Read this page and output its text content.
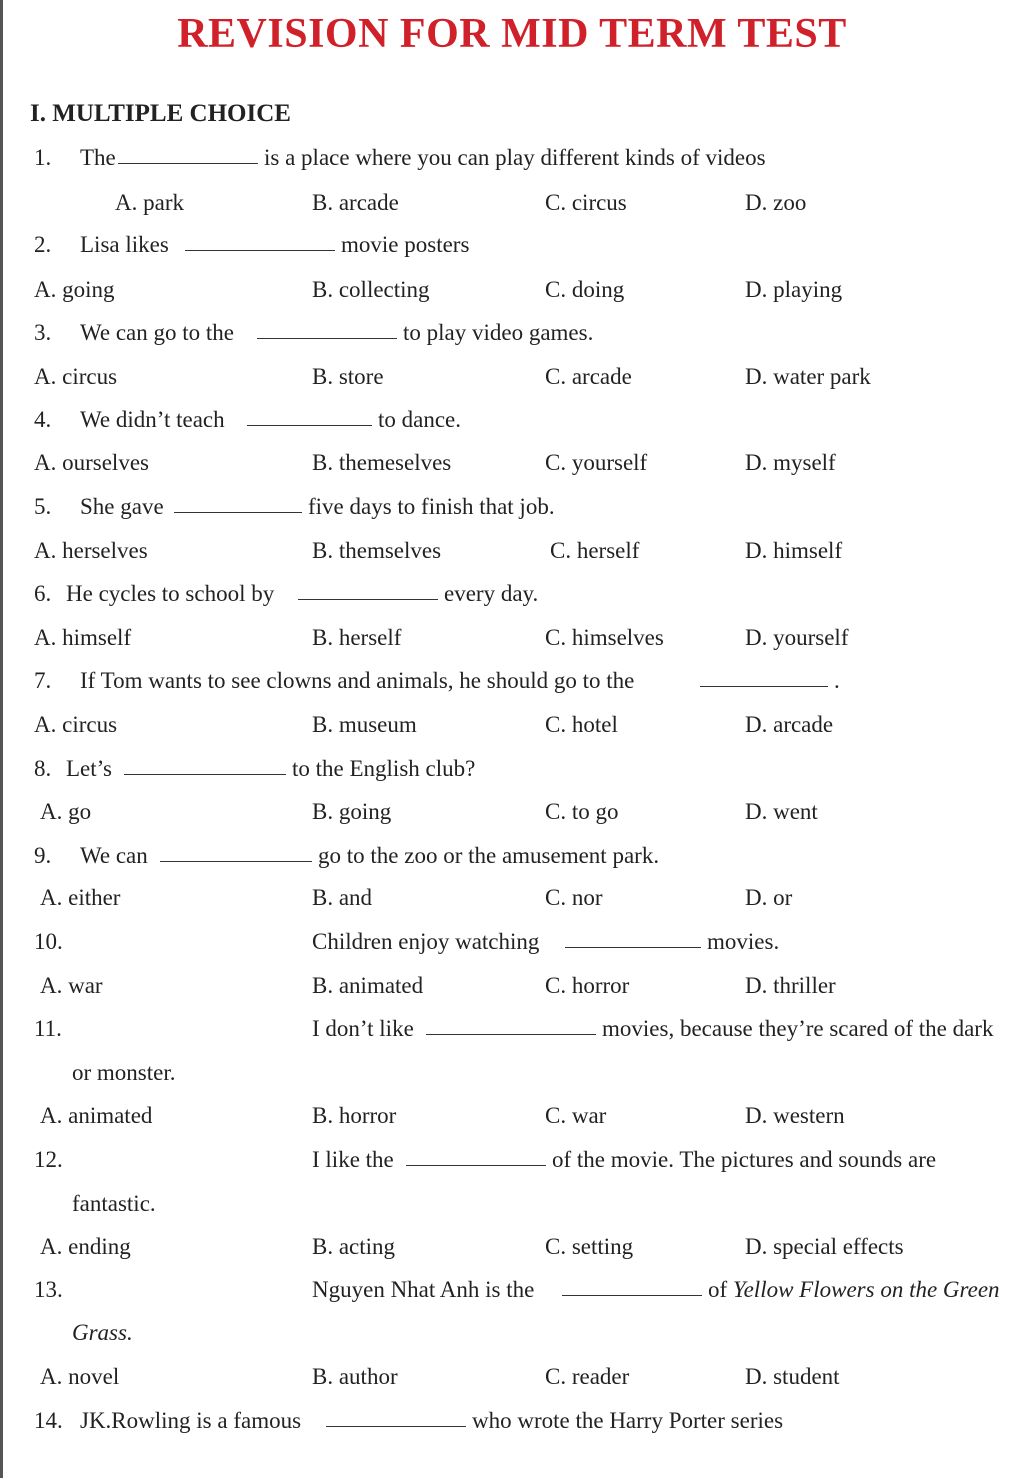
REVISION FOR MID TERM TEST
I. MULTIPLE CHOICE
1. The	is a place where you can play different kinds of videos
A. park	B. arcade	C. circus	D. zoo
2. Lisa likes	movie posters
A. going	B. collecting	C. doing	D. playing
3. We can go to the	to play video games.
A. circus	B. store	C. arcade	D. water park
4. We didn’t teach	to dance.
A. ourselves	B. themeselves	C. yourself	D. myself
5. She gave	five days to finish that job.
A. herselves	B. themselves	C. herself	D. himself
6. He cycles to school by	every day.
A. himself	B. herself	C. himselves	D. yourself
7. If Tom wants to see clowns and animals, he should go to the	.
A. circus	B. museum	C. hotel	D. arcade
8. Let’s	to the English club?
A. go	B. going	C. to go	D. went
9. We can	go to the zoo or the amusement park.
A. either	B. and	C. nor	D. or
10.	Children enjoy watching	movies.
A. war	B. animated	C. horror	D. thriller
11.	I don’t like	movies, because they’re scared of the dark
or monster.
A. animated	B. horror	C. war	D. western
12.	I like the	of the movie. The pictures and sounds are
fantastic.
A. ending	B. acting	C. setting	D. special effects
13.	Nguyen Nhat Anh is the	of Yellow Flowers on the Green
Grass.
A. novel	B. author	C. reader	D. student
14. JK.Rowling is a famous	who wrote the Harry Porter series
